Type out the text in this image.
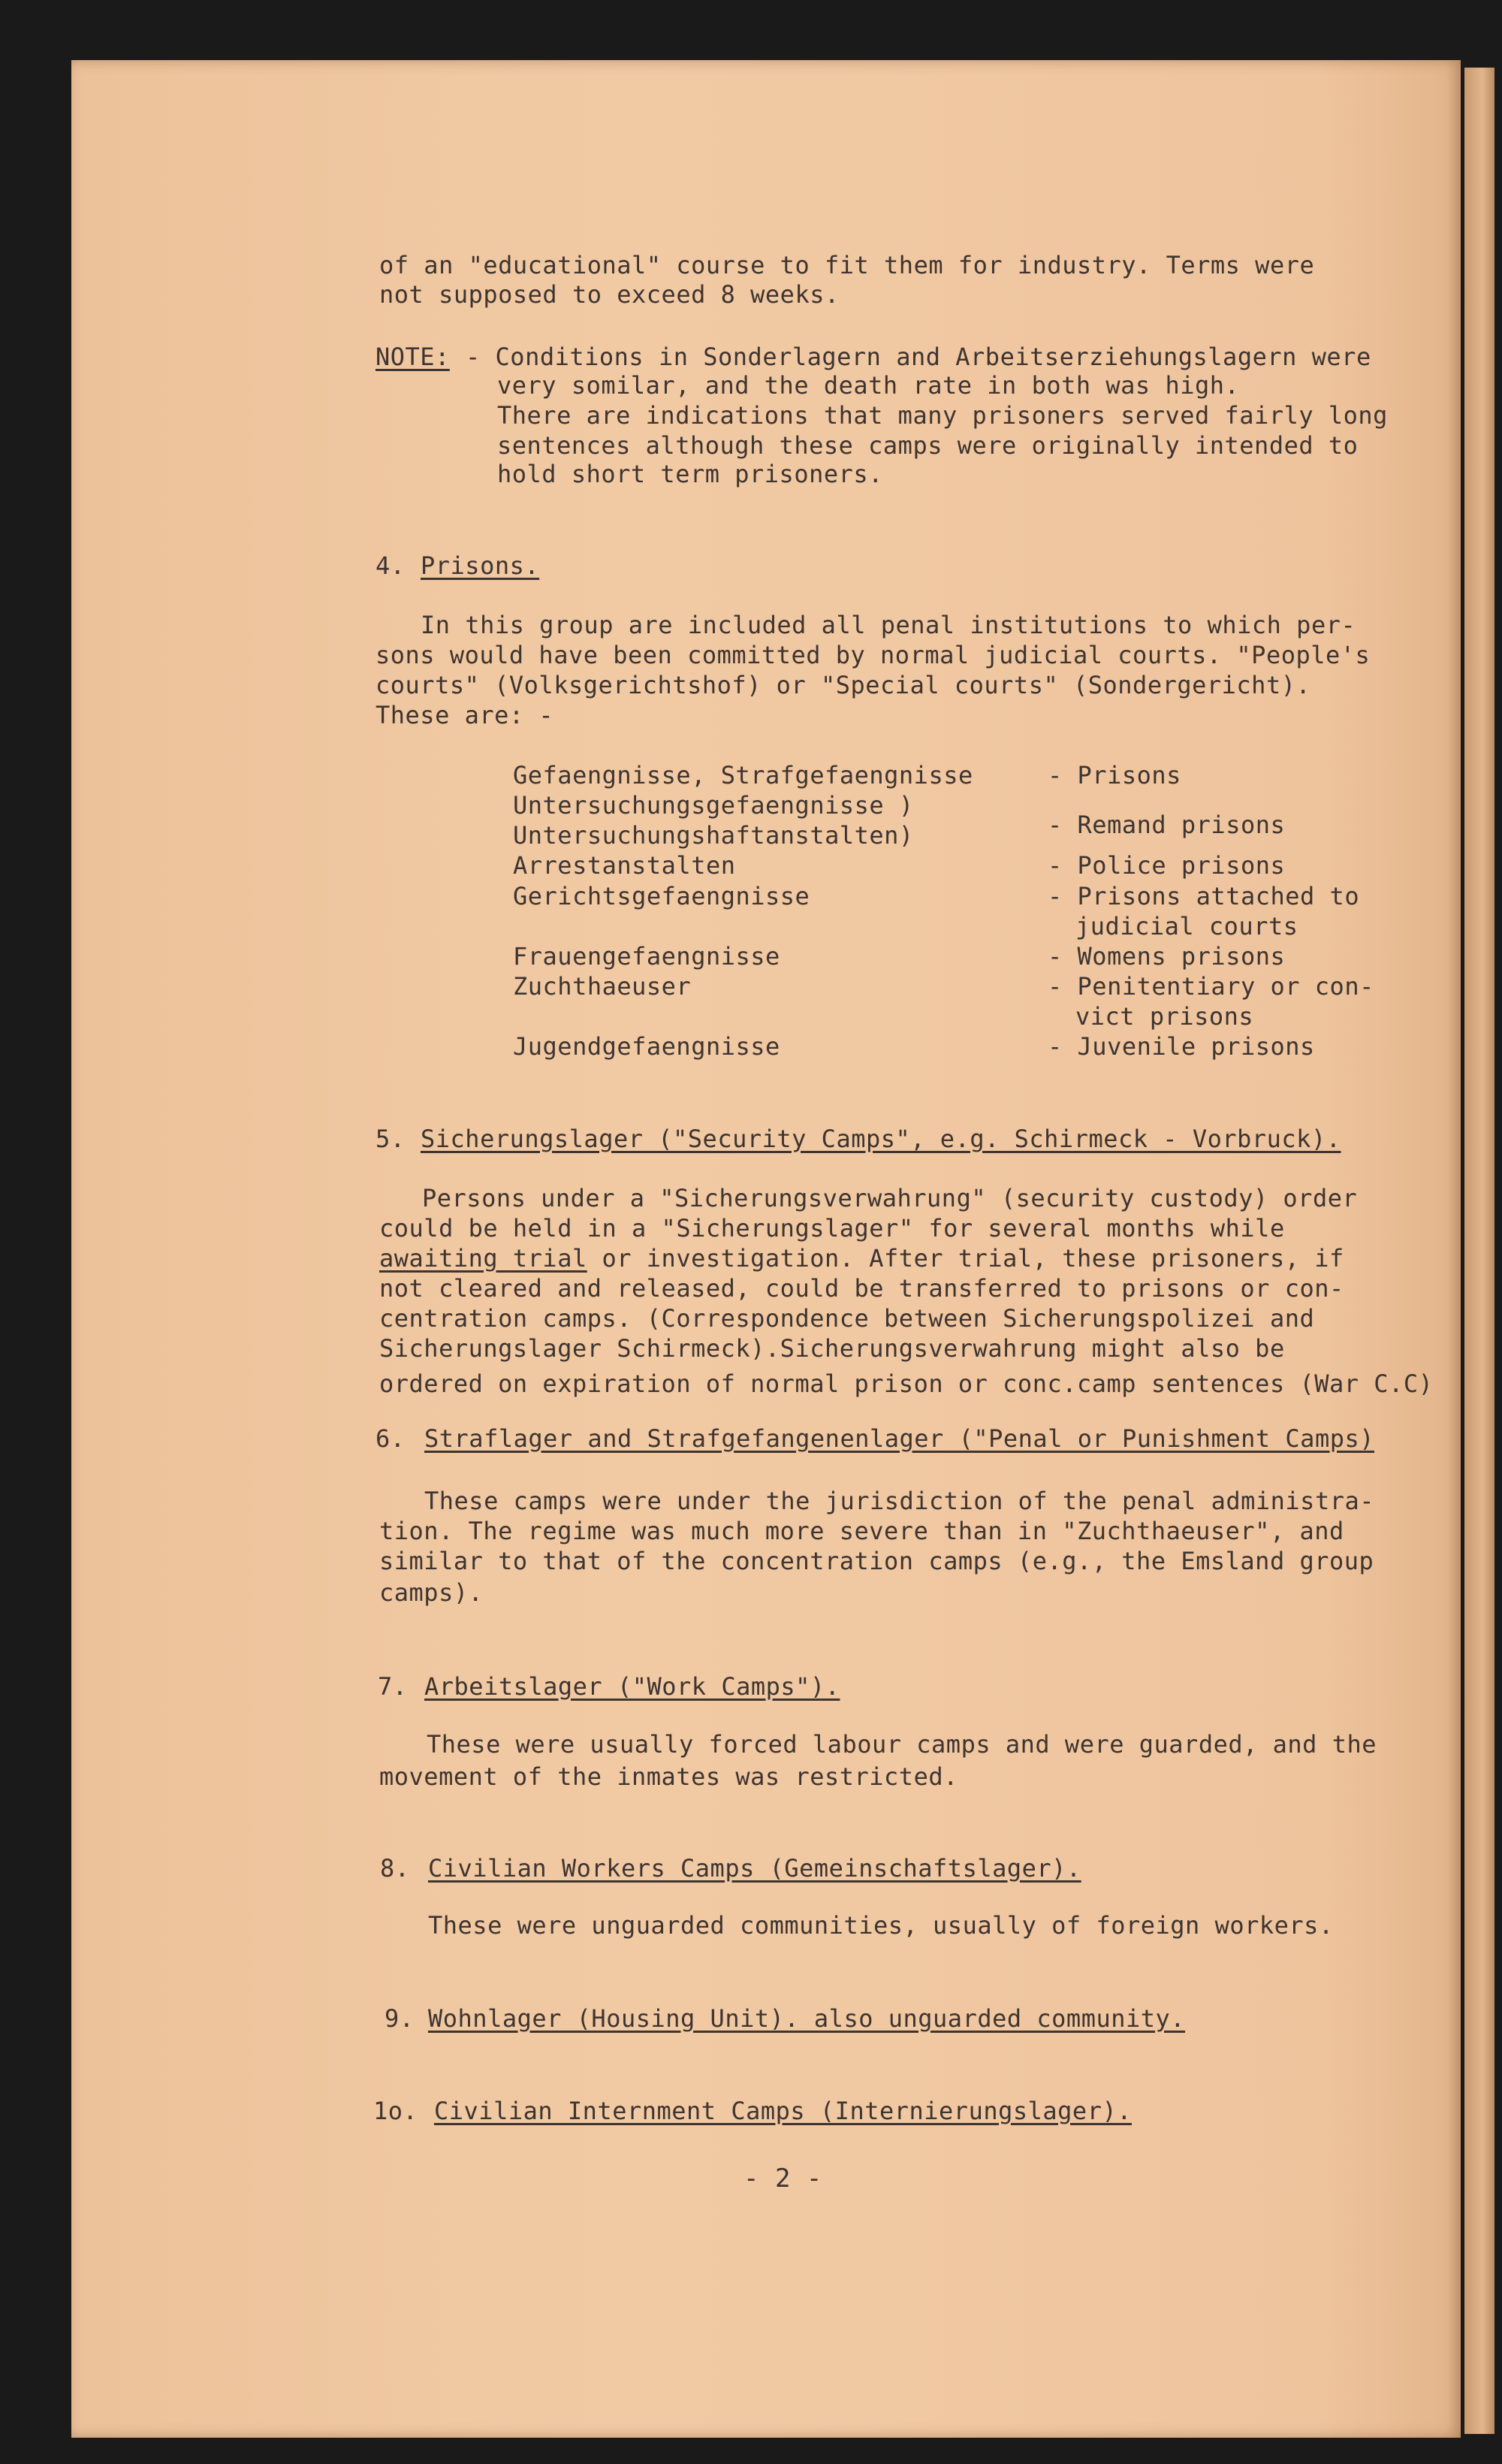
of an "educational" course to fit them for industry. Terms were
not supposed to exceed 8 weeks.
NOTE: - Conditions in Sonderlagern and Arbeitserziehungslagern were
very somilar, and the death rate in both was high.
There are indications that many prisoners served fairly long
sentences although these camps were originally intended to
hold short term prisoners.
4. Prisons.
In this group are included all penal institutions to which per-
sons would have been committed by normal judicial courts. "People's
courts" (Volksgerichtshof) or "Special courts" (Sondergericht).
These are: -
Gefaengnisse, Strafgefaengnisse
Untersuchungsgefaengnisse )
Untersuchungshaftanstalten)
Arrestanstalten
Gerichtsgefaengnisse
Frauengefaengnisse
Zuchthaeuser
Jugendgefaengnisse
- Prisons
- Remand prisons
- Police prisons
- Prisons attached to
judicial courts
- Womens prisons
- Penitentiary or con-
vict prisons
- Juvenile prisons
5. Sicherungslager ("Security Camps", e.g. Schirmeck - Vorbruck).
Persons under a "Sicherungsverwahrung" (security custody) order
could be held in a "Sicherungslager" for several months while
awaiting trial or investigation. After trial, these prisoners, if
not cleared and released, could be transferred to prisons or con-
centration camps. (Correspondence between Sicherungspolizei and
Sicherungslager Schirmeck).Sicherungsverwahrung might also be
ordered on expiration of normal prison or conc.camp sentences (War C.C)
6. Straflager and Strafgefangenenlager ("Penal or Punishment Camps)
These camps were under the jurisdiction of the penal administra-
tion. The regime was much more severe than in "Zuchthaeuser", and
similar to that of the concentration camps (e.g., the Emsland group
camps).
7. Arbeitslager ("Work Camps").
These were usually forced labour camps and were guarded, and the
movement of the inmates was restricted.
8. Civilian Workers Camps (Gemeinschaftslager).
These were unguarded communities, usually of foreign workers.
9. Wohnlager (Housing Unit). also unguarded community.
1o. Civilian Internment Camps (Internierungslager).
- 2 -
